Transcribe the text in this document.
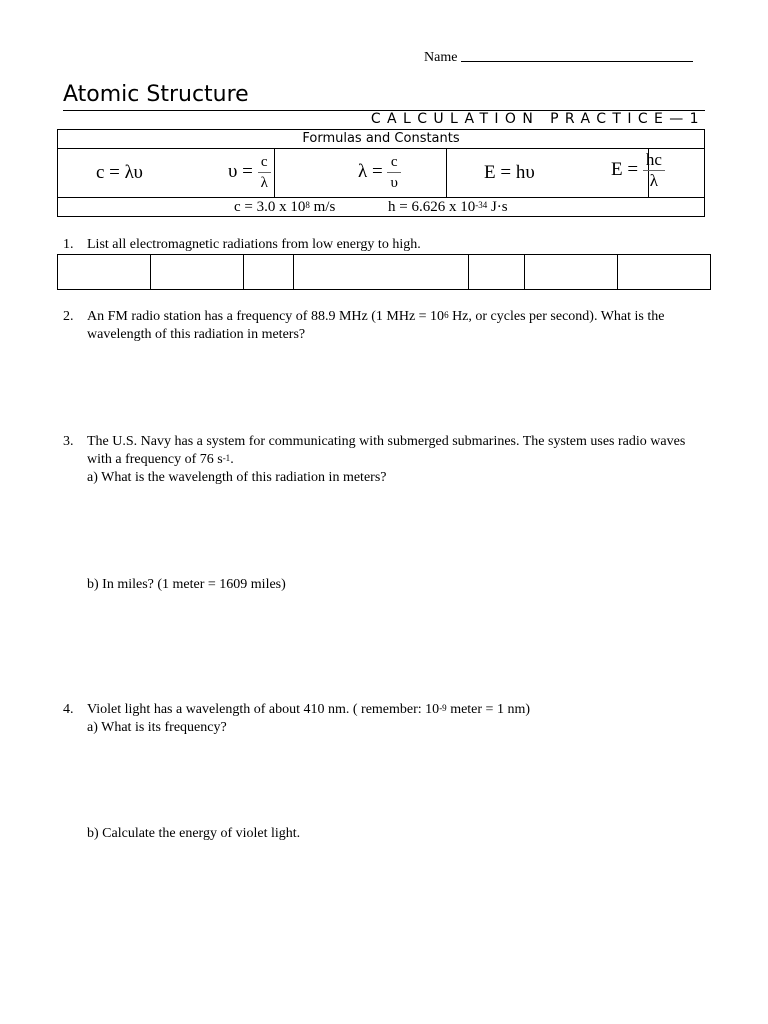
Name
Atomic Structure
CALCULATION PRACTICE—1
Formulas and Constants
c = λυ	$\upsilon = \frac{c}{\lambda}$	$\lambda = \frac{c}{\upsilon}$	E = hυ	$E = \frac{hc}{\lambda}$
c = 3.0 x $10^8$ m/s	h = 6.626 x $10^{-34}$ J·s
1. List all electromagnetic radiations from low energy to high.
2. An FM radio station has a frequency of 88.9 MHz (1 MHz = $10^6$ Hz, or cycles per second). What is the wavelength of this radiation in meters?
3. The U.S. Navy has a system for communicating with submerged submarines. The system uses radio waves with a frequency of 76 $s^{-1}$.
a) What is the wavelength of this radiation in meters?
b) In miles? (1 meter = 1609 miles)
4. Violet light has a wavelength of about 410 nm. ( remember: $10^{-9}$ meter = 1 nm)
a) What is its frequency?
b) Calculate the energy of violet light.
